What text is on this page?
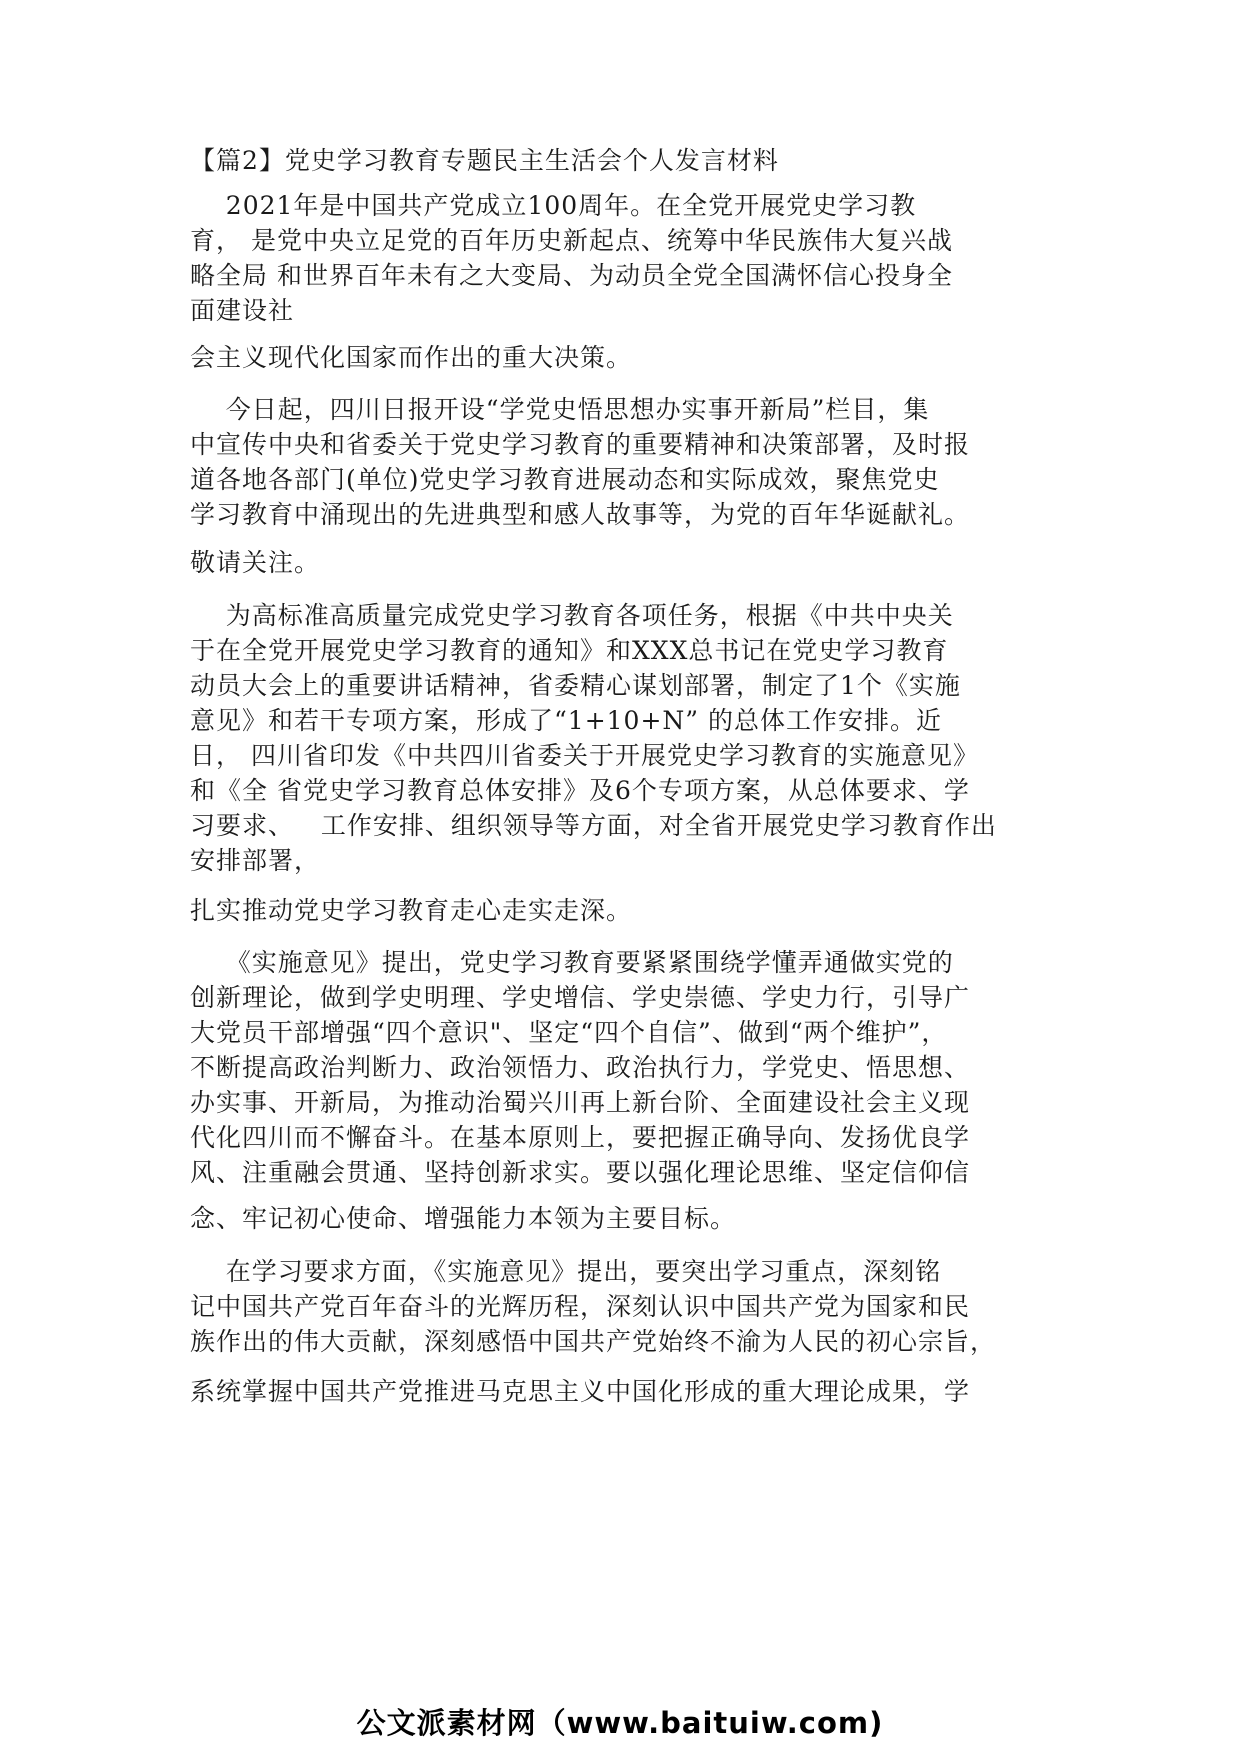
【篇2】党史学习教育专题民主生活会个人发言材料
2021年是中国共产党成立100周年。在全党开展党史学习教
育， 是党中央立足党的百年历史新起点、统筹中华民族伟大复兴战
略全局 和世界百年未有之大变局、为动员全党全国满怀信心投身全
面建设社
会主义现代化国家而作出的重大决策。
今日起，四川日报开设“学党史悟思想办实事开新局”栏目，集
中宣传中央和省委关于党史学习教育的重要精神和决策部署，及时报
道各地各部门(单位)党史学习教育进展动态和实际成效，聚焦党史
学习教育中涌现出的先进典型和感人故事等，为党的百年华诞献礼。
敬请关注。
为高标准高质量完成党史学习教育各项任务，根据《中共中央关
于在全党开展党史学习教育的通知》和XXX总书记在党史学习教育
动员大会上的重要讲话精神，省委精心谋划部署，制定了1个《实施
意见》和若干专项方案，形成了“1+10+N” 的总体工作安排。近
日， 四川省印发《中共四川省委关于开展党史学习教育的实施意见》
和《全 省党史学习教育总体安排》及6个专项方案，从总体要求、学
习要求、   工作安排、组织领导等方面，对全省开展党史学习教育作出
安排部署，
扎实推动党史学习教育走心走实走深。
《实施意见》提出，党史学习教育要紧紧围绕学懂弄通做实党的
创新理论，做到学史明理、学史增信、学史崇德、学史力行，引导广
大党员干部增强“四个意识"、坚定“四个自信”、做到“两个维护”，
不断提高政治判断力、政治领悟力、政治执行力，学党史、悟思想、
办实事、开新局，为推动治蜀兴川再上新台阶、全面建设社会主义现
代化四川而不懈奋斗。在基本原则上，要把握正确导向、发扬优良学
风、注重融会贯通、坚持创新求实。要以强化理论思维、坚定信仰信
念、牢记初心使命、增强能力本领为主要目标。
在学习要求方面，《实施意见》提出，要突出学习重点，深刻铭
记中国共产党百年奋斗的光辉历程，深刻认识中国共产党为国家和民
族作出的伟大贡献，深刻感悟中国共产党始终不渝为人民的初心宗旨，
系统掌握中国共产党推进马克思主义中国化形成的重大理论成果，学
公文派素材网（www.baituiw.com)
